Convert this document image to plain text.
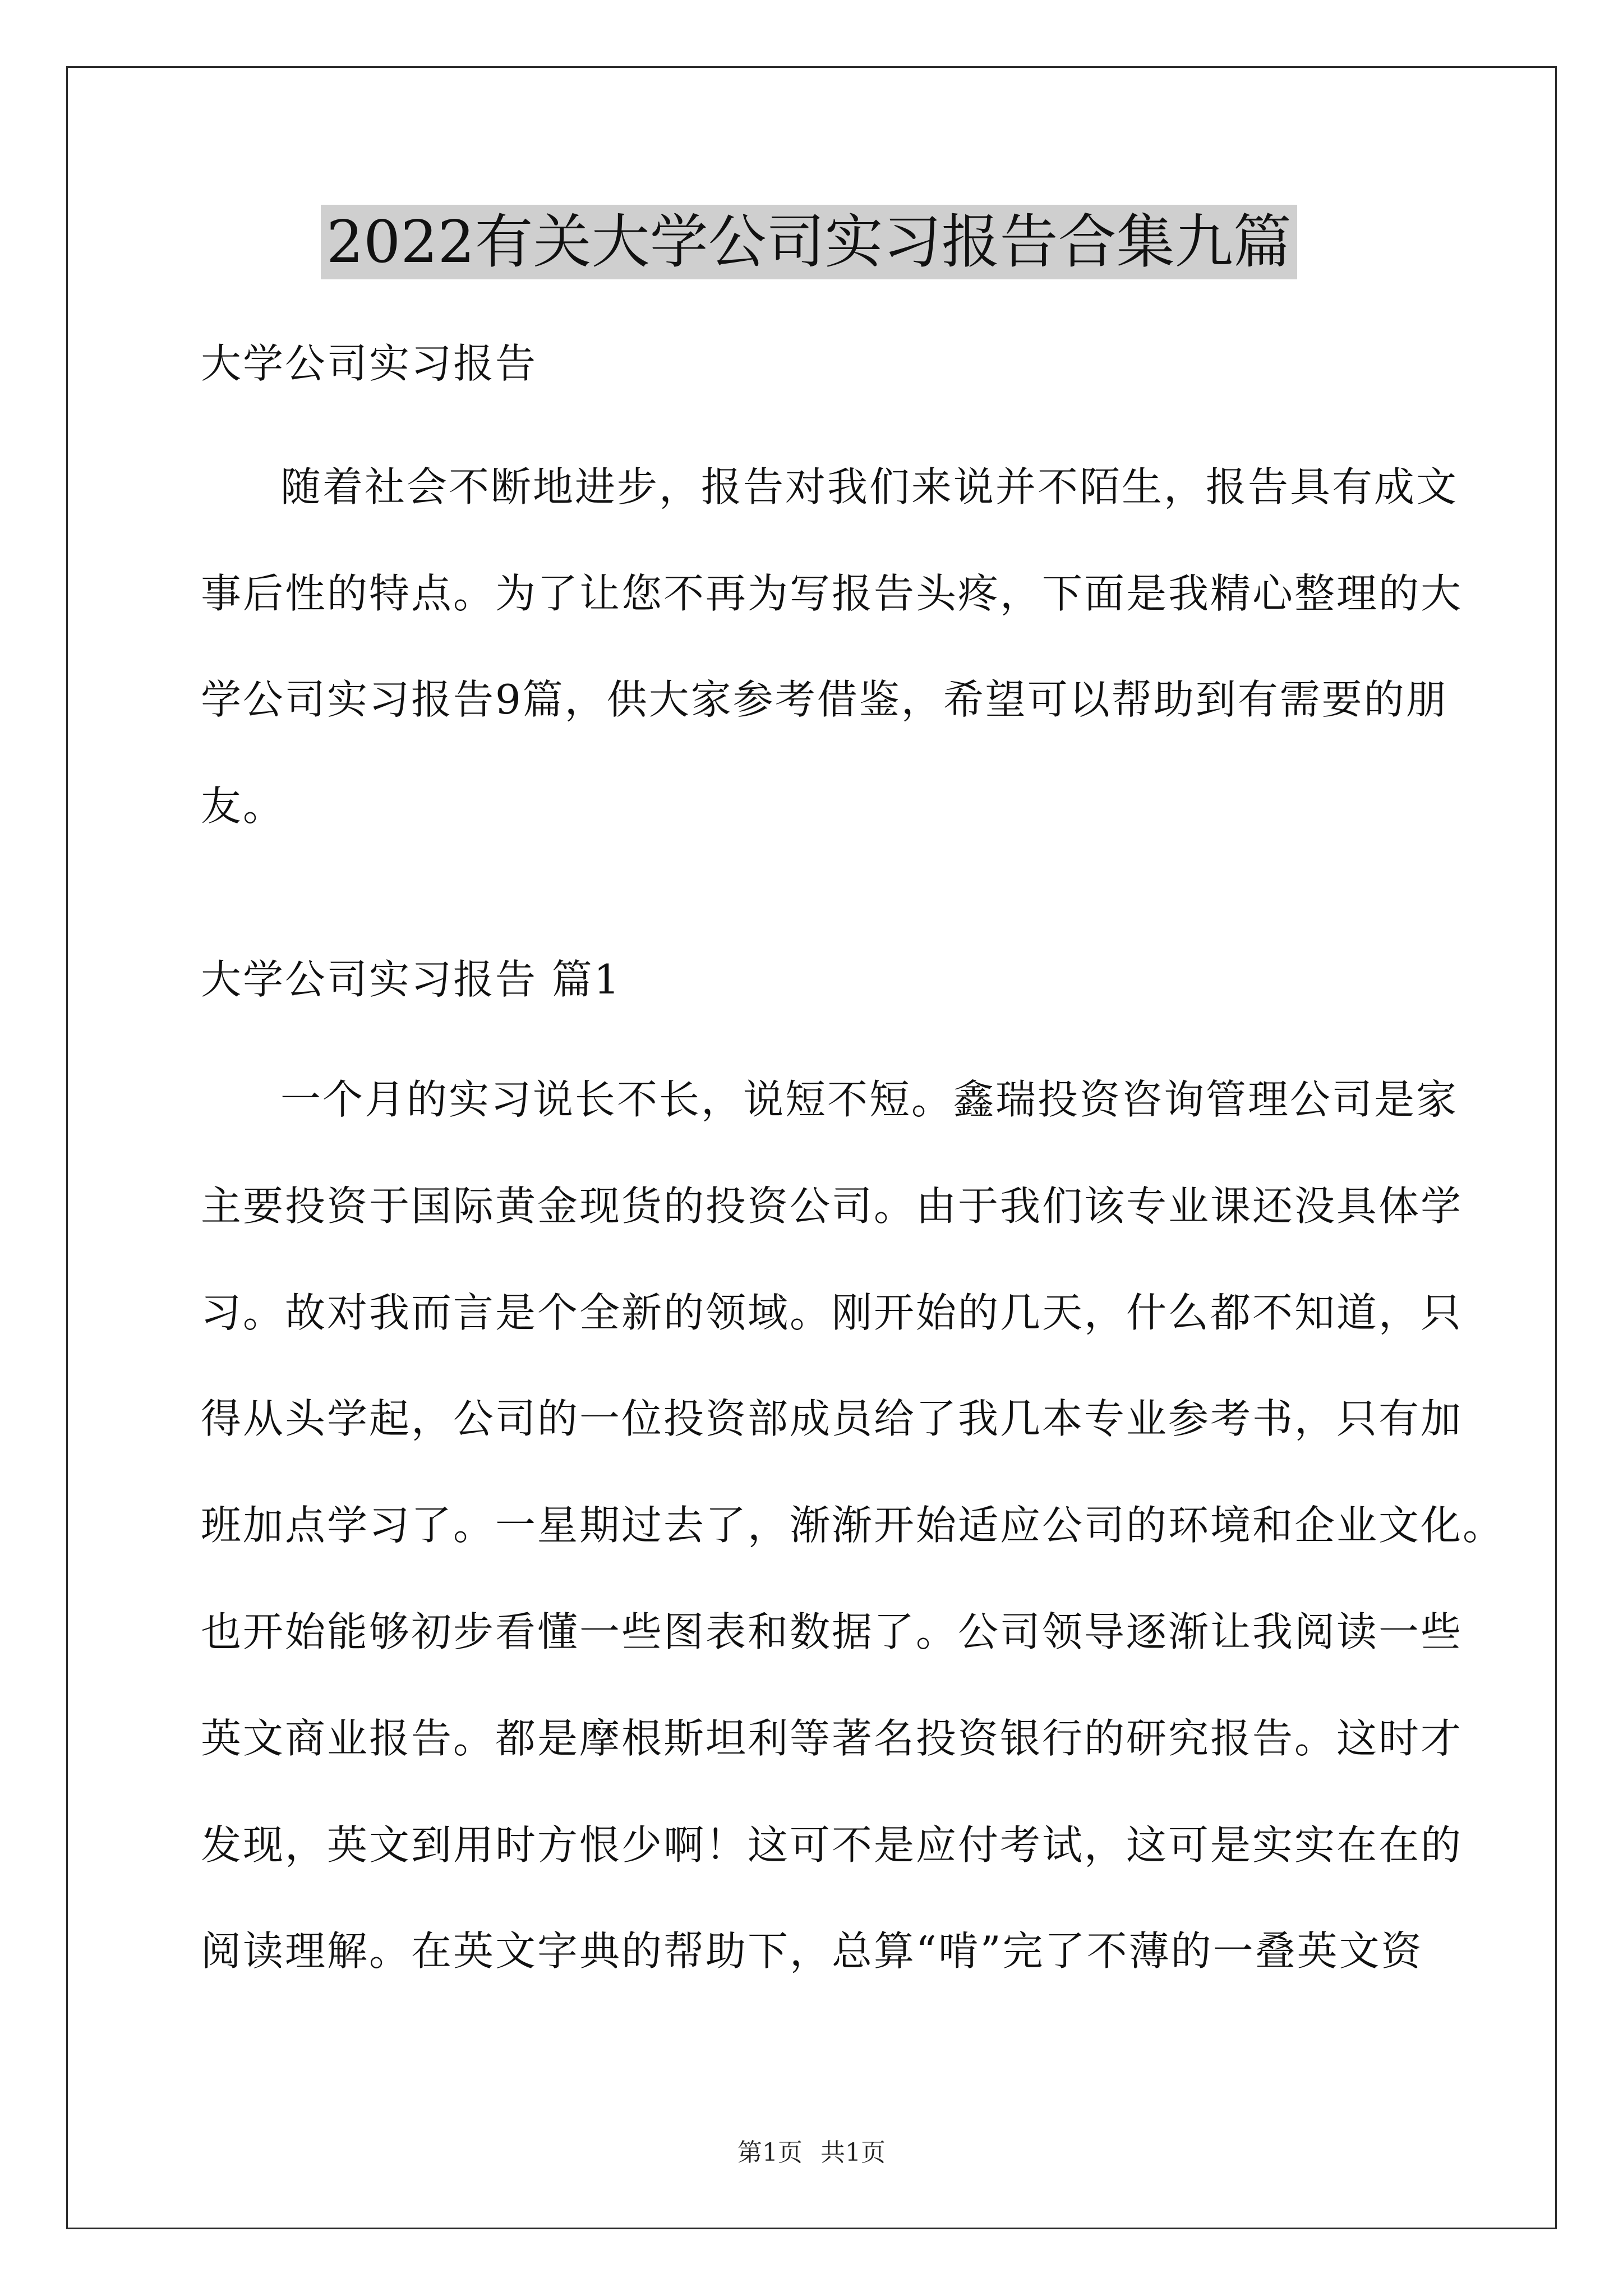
2022有关大学公司实习报告合集九篇
大学公司实习报告
随着社会不断地进步，报告对我们来说并不陌生，报告具有成文
事后性的特点。为了让您不再为写报告头疼，下面是我精心整理的大
学公司实习报告9篇，供大家参考借鉴，希望可以帮助到有需要的朋
友。
大学公司实习报告 篇1
一个月的实习说长不长，说短不短。鑫瑞投资咨询管理公司是家
主要投资于国际黄金现货的投资公司。由于我们该专业课还没具体学
习。故对我而言是个全新的领域。刚开始的几天，什么都不知道，只
得从头学起，公司的一位投资部成员给了我几本专业参考书，只有加
班加点学习了。一星期过去了，渐渐开始适应公司的环境和企业文化。
也开始能够初步看懂一些图表和数据了。公司领导逐渐让我阅读一些
英文商业报告。都是摩根斯坦利等著名投资银行的研究报告。这时才
发现，英文到用时方恨少啊！这可不是应付考试，这可是实实在在的
阅读理解。在英文字典的帮助下，总算“啃”完了不薄的一叠英文资
第1页 共1页
